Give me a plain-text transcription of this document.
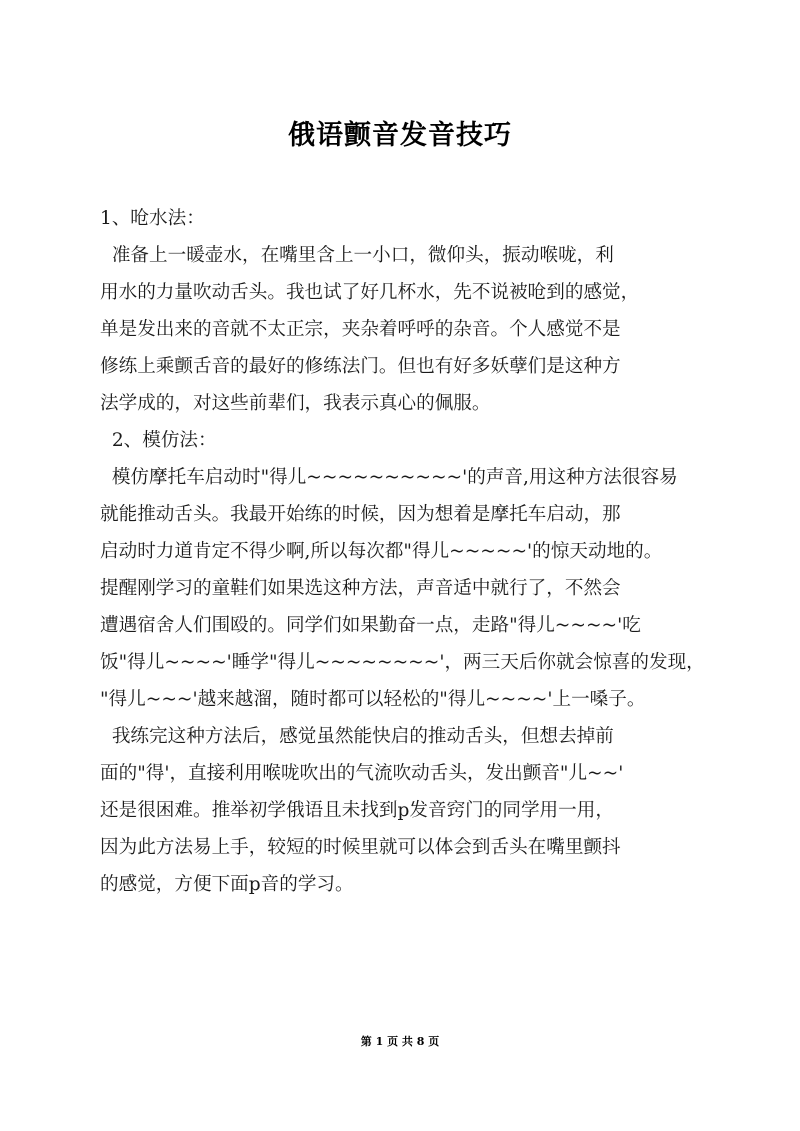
俄语颤音发音技巧
1、呛水法：
准备上一暖壶水，在嘴里含上一小口，微仰头，振动喉咙，利
用水的力量吹动舌头。我也试了好几杯水，先不说被呛到的感觉，
单是发出来的音就不太正宗，夹杂着呼呼的杂音。个人感觉不是
修练上乘颤舌音的最好的修练法门。但也有好多妖孽们是这种方
法学成的，对这些前辈们，我表示真心的佩服。
2、模仿法：
模仿摩托车启动时"得儿~~~~~~~~~~'的声音,用这种方法很容易
就能推动舌头。我最开始练的时候，因为想着是摩托车启动，那
启动时力道肯定不得少啊,所以每次都"得儿~~~~~'的惊天动地的。
提醒刚学习的童鞋们如果选这种方法，声音适中就行了，不然会
遭遇宿舍人们围殴的。同学们如果勤奋一点，走路"得儿~~~~'吃
饭"得儿~~~~'睡学"得儿~~~~~~~~'，两三天后你就会惊喜的发现，
"得儿~~~'越来越溜，随时都可以轻松的"得儿~~~~'上一嗓子。
我练完这种方法后，感觉虽然能快启的推动舌头，但想去掉前
面的"得'，直接利用喉咙吹出的气流吹动舌头，发出颤音"儿~~'
还是很困难。推举初学俄语且未找到p发音窍门的同学用一用，
因为此方法易上手，较短的时候里就可以体会到舌头在嘴里颤抖
的感觉，方便下面p音的学习。
第 1 页 共 8 页
